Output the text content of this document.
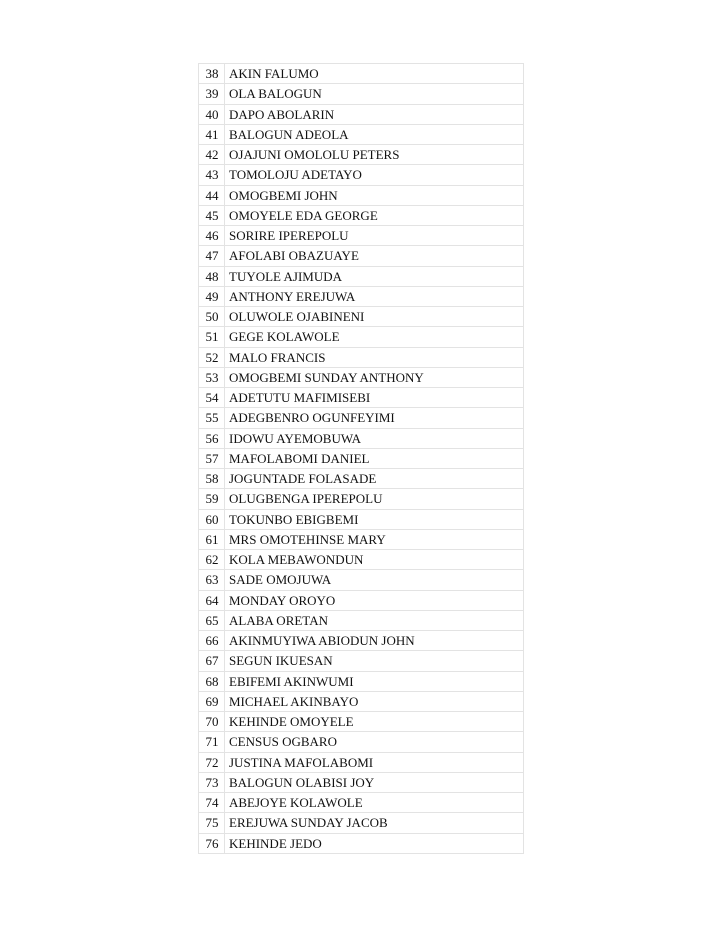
38	AKIN FALUMO
39	OLA BALOGUN
40	DAPO ABOLARIN
41	BALOGUN ADEOLA
42	OJAJUNI OMOLOLU PETERS
43	TOMOLOJU ADETAYO
44	OMOGBEMI JOHN
45	OMOYELE EDA GEORGE
46	SORIRE IPEREPOLU
47	AFOLABI OBAZUAYE
48	TUYOLE AJIMUDA
49	ANTHONY EREJUWA
50	OLUWOLE OJABINENI
51	GEGE KOLAWOLE
52	MALO FRANCIS
53	OMOGBEMI SUNDAY ANTHONY
54	ADETUTU MAFIMISEBI
55	ADEGBENRO OGUNFEYIMI
56	IDOWU AYEMOBUWA
57	MAFOLABOMI DANIEL
58	JOGUNTADE FOLASADE
59	OLUGBENGA IPEREPOLU
60	TOKUNBO EBIGBEMI
61	MRS OMOTEHINSE MARY
62	KOLA MEBAWONDUN
63	SADE OMOJUWA
64	MONDAY OROYO
65	ALABA ORETAN
66	AKINMUYIWA ABIODUN JOHN
67	SEGUN IKUESAN
68	EBIFEMI AKINWUMI
69	MICHAEL AKINBAYO
70	KEHINDE OMOYELE
71	CENSUS OGBARO
72	JUSTINA MAFOLABOMI
73	BALOGUN OLABISI JOY
74	ABEJOYE KOLAWOLE
75	EREJUWA SUNDAY JACOB
76	KEHINDE JEDO
